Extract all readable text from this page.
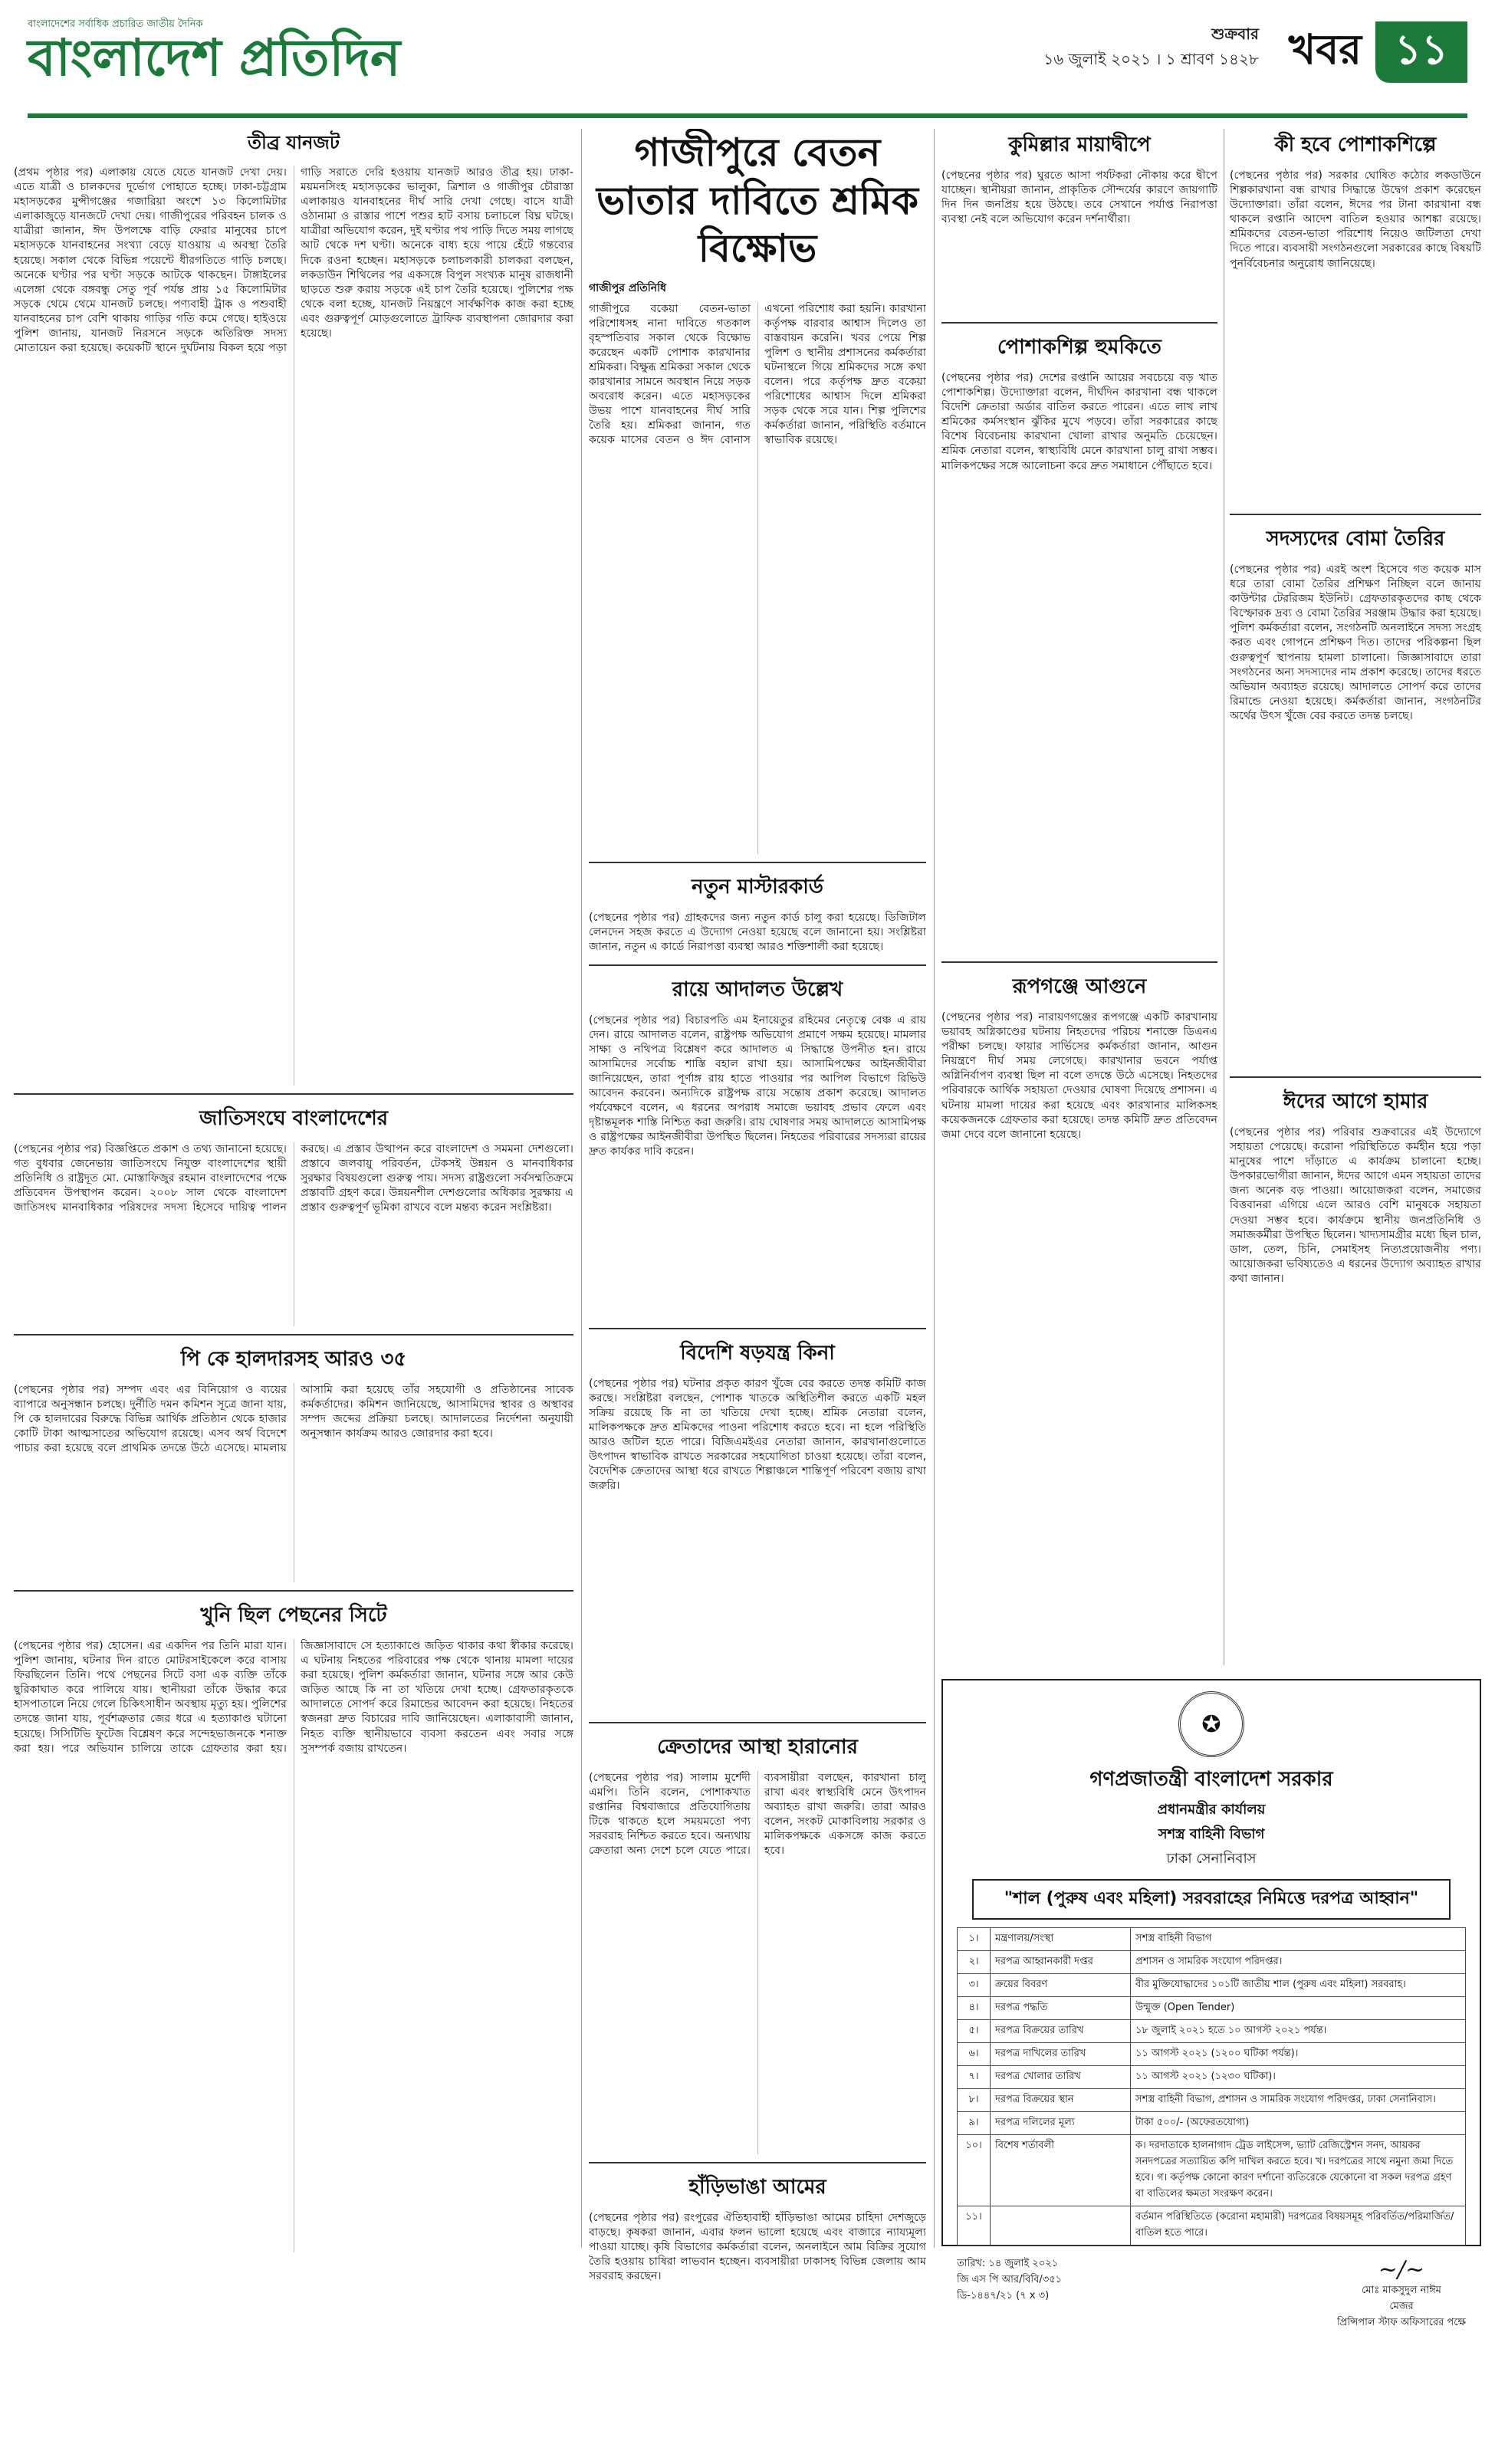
বাংলাদেশের সর্বাধিক প্রচারিত জাতীয় দৈনিক
বাংলাদেশ প্রতিদিন	শুক্রবার
১৬ জুলাই ২০২১ । ১ শ্রাবণ ১৪২৮ খবর ১১
তীব্র যানজট
(প্রথম পৃষ্ঠার পর) এলাকায় যেতে যেতে যানজট দেখা দেয়। এতে যাত্রী ও চালকদের দুর্ভোগ পোহাতে হচ্ছে। ঢাকা-চট্টগ্রাম মহাসড়কের মুন্সীগঞ্জের গজারিয়া অংশে ১৩ কিলোমিটার এলাকাজুড়ে যানজটে দেখা দেয়। গাজীপুরের পরিবহন চালক ও যাত্রীরা জানান, ঈদ উপলক্ষে বাড়ি ফেরার মানুষের চাপে মহাসড়কে যানবাহনের সংখ্যা বেড়ে যাওয়ায় এ অবস্থা তৈরি হয়েছে। সকাল থেকে বিভিন্ন পয়েন্টে ধীরগতিতে গাড়ি চলছে। অনেকে ঘণ্টার পর ঘণ্টা সড়কে আটকে থাকছেন। টাঙ্গাইলের এলেঙ্গা থেকে বঙ্গবন্ধু সেতু পূর্ব পর্যন্ত প্রায় ১৫ কিলোমিটার সড়কে থেমে থেমে যানজট চলছে। পণ্যবাহী ট্রাক ও পশুবাহী যানবাহনের চাপ বেশি থাকায় গাড়ির গতি কমে গেছে। হাইওয়ে পুলিশ জানায়, যানজট নিরসনে সড়কে অতিরিক্ত সদস্য মোতায়েন করা হয়েছে। কয়েকটি স্থানে দুর্ঘটনায় বিকল হয়ে পড়া গাড়ি সরাতে দেরি হওয়ায় যানজট আরও তীব্র হয়। ঢাকা-ময়মনসিংহ মহাসড়কের ভালুকা, ত্রিশাল ও গাজীপুর চৌরাস্তা এলাকায়ও যানবাহনের দীর্ঘ সারি দেখা গেছে। বাসে যাত্রী ওঠানামা ও রাস্তার পাশে পশুর হাট বসায় চলাচলে বিঘ্ন ঘটছে। যাত্রীরা অভিযোগ করেন, দুই ঘণ্টার পথ পাড়ি দিতে সময় লাগছে আট থেকে দশ ঘণ্টা। অনেকে বাধ্য হয়ে পায়ে হেঁটে গন্তব্যের দিকে রওনা হচ্ছেন। মহাসড়কে চলাচলকারী চালকরা বলছেন, লকডাউন শিথিলের পর একসঙ্গে বিপুল সংখ্যক মানুষ রাজধানী ছাড়তে শুরু করায় সড়কে এই চাপ তৈরি হয়েছে। পুলিশের পক্ষ থেকে বলা হচ্ছে, যানজট নিয়ন্ত্রণে সার্বক্ষণিক কাজ করা হচ্ছে এবং গুরুত্বপূর্ণ মোড়গুলোতে ট্রাফিক ব্যবস্থাপনা জোরদার করা হয়েছে।
জাতিসংঘে বাংলাদেশের
(পেছনের পৃষ্ঠার পর) বিজ্ঞপ্তিতে প্রকাশ ও তথ্য জানানো হয়েছে। গত বুধবার জেনেভায় জাতিসংঘে নিযুক্ত বাংলাদেশের স্থায়ী প্রতিনিধি ও রাষ্ট্রদূত মো. মোস্তাফিজুর রহমান বাংলাদেশের পক্ষে প্রতিবেদন উপস্থাপন করেন। ২০০৮ সাল থেকে বাংলাদেশ জাতিসংঘ মানবাধিকার পরিষদের সদস্য হিসেবে দায়িত্ব পালন করছে। এ প্রস্তাব উত্থাপন করে বাংলাদেশ ও সমমনা দেশগুলো। প্রস্তাবে জলবায়ু পরিবর্তন, টেকসই উন্নয়ন ও মানবাধিকার সুরক্ষার বিষয়গুলো গুরুত্ব পায়। সদস্য রাষ্ট্রগুলো সর্বসম্মতিক্রমে প্রস্তাবটি গ্রহণ করে। উন্নয়নশীল দেশগুলোর অধিকার সুরক্ষায় এ প্রস্তাব গুরুত্বপূর্ণ ভূমিকা রাখবে বলে মন্তব্য করেন সংশ্লিষ্টরা।
পি কে হালদারসহ আরও ৩৫
(পেছনের পৃষ্ঠার পর) সম্পদ এবং এর বিনিয়োগ ও ব্যয়ের ব্যাপারে অনুসন্ধান চলছে। দুর্নীতি দমন কমিশন সূত্রে জানা যায়, পি কে হালদারের বিরুদ্ধে বিভিন্ন আর্থিক প্রতিষ্ঠান থেকে হাজার কোটি টাকা আত্মসাতের অভিযোগ রয়েছে। এসব অর্থ বিদেশে পাচার করা হয়েছে বলে প্রাথমিক তদন্তে উঠে এসেছে। মামলায় আসামি করা হয়েছে তাঁর সহযোগী ও প্রতিষ্ঠানের সাবেক কর্মকর্তাদের। কমিশন জানিয়েছে, আসামিদের স্থাবর ও অস্থাবর সম্পদ জব্দের প্রক্রিয়া চলছে। আদালতের নির্দেশনা অনুযায়ী অনুসন্ধান কার্যক্রম আরও জোরদার করা হবে।
খুনি ছিল পেছনের সিটে
(পেছনের পৃষ্ঠার পর) হোসেন। এর একদিন পর তিনি মারা যান। পুলিশ জানায়, ঘটনার দিন রাতে মোটরসাইকেলে করে বাসায় ফিরছিলেন তিনি। পথে পেছনের সিটে বসা এক ব্যক্তি তাঁকে ছুরিকাঘাত করে পালিয়ে যায়। স্থানীয়রা তাঁকে উদ্ধার করে হাসপাতালে নিয়ে গেলে চিকিৎসাধীন অবস্থায় মৃত্যু হয়। পুলিশের তদন্তে জানা যায়, পূর্বশত্রুতার জের ধরে এ হত্যাকাণ্ড ঘটানো হয়েছে। সিসিটিভি ফুটেজ বিশ্লেষণ করে সন্দেহভাজনকে শনাক্ত করা হয়। পরে অভিযান চালিয়ে তাকে গ্রেফতার করা হয়। জিজ্ঞাসাবাদে সে হত্যাকাণ্ডে জড়িত থাকার কথা স্বীকার করেছে। এ ঘটনায় নিহতের পরিবারের পক্ষ থেকে থানায় মামলা দায়ের করা হয়েছে। পুলিশ কর্মকর্তারা জানান, ঘটনার সঙ্গে আর কেউ জড়িত আছে কি না তা খতিয়ে দেখা হচ্ছে। গ্রেফতারকৃতকে আদালতে সোপর্দ করে রিমান্ডের আবেদন করা হয়েছে। নিহতের স্বজনরা দ্রুত বিচারের দাবি জানিয়েছেন। এলাকাবাসী জানান, নিহত ব্যক্তি স্থানীয়ভাবে ব্যবসা করতেন এবং সবার সঙ্গে সুসম্পর্ক বজায় রাখতেন।
গাজীপুরে বেতন ভাতার দাবিতে শ্রমিক বিক্ষোভ
গাজীপুর প্রতিনিধি
গাজীপুরে বকেয়া বেতন-ভাতা পরিশোধসহ নানা দাবিতে গতকাল বৃহস্পতিবার সকাল থেকে বিক্ষোভ করেছেন একটি পোশাক কারখানার শ্রমিকরা। বিক্ষুব্ধ শ্রমিকরা সকাল থেকে কারখানার সামনে অবস্থান নিয়ে সড়ক অবরোধ করেন। এতে মহাসড়কের উভয় পাশে যানবাহনের দীর্ঘ সারি তৈরি হয়। শ্রমিকরা জানান, গত কয়েক মাসের বেতন ও ঈদ বোনাস এখনো পরিশোধ করা হয়নি। কারখানা কর্তৃপক্ষ বারবার আশ্বাস দিলেও তা বাস্তবায়ন করেনি। খবর পেয়ে শিল্প পুলিশ ও স্থানীয় প্রশাসনের কর্মকর্তারা ঘটনাস্থলে গিয়ে শ্রমিকদের সঙ্গে কথা বলেন। পরে কর্তৃপক্ষ দ্রুত বকেয়া পরিশোধের আশ্বাস দিলে শ্রমিকরা সড়ক থেকে সরে যান। শিল্প পুলিশের কর্মকর্তারা জানান, পরিস্থিতি বর্তমানে স্বাভাবিক রয়েছে।
নতুন মাস্টারকার্ড
(পেছনের পৃষ্ঠার পর) গ্রাহকদের জন্য নতুন কার্ড চালু করা হয়েছে। ডিজিটাল লেনদেন সহজ করতে এ উদ্যোগ নেওয়া হয়েছে বলে জানানো হয়। সংশ্লিষ্টরা জানান, নতুন এ কার্ডে নিরাপত্তা ব্যবস্থা আরও শক্তিশালী করা হয়েছে।
রায়ে আদালত উল্লেখ
(পেছনের পৃষ্ঠার পর) বিচারপতি এম ইনায়েতুর রহিমের নেতৃত্বে বেঞ্চ এ রায় দেন। রায়ে আদালত বলেন, রাষ্ট্রপক্ষ অভিযোগ প্রমাণে সক্ষম হয়েছে। মামলার সাক্ষ্য ও নথিপত্র বিশ্লেষণ করে আদালত এ সিদ্ধান্তে উপনীত হন। রায়ে আসামিদের সর্বোচ্চ শাস্তি বহাল রাখা হয়। আসামিপক্ষের আইনজীবীরা জানিয়েছেন, তারা পূর্ণাঙ্গ রায় হাতে পাওয়ার পর আপিল বিভাগে রিভিউ আবেদন করবেন। অন্যদিকে রাষ্ট্রপক্ষ রায়ে সন্তোষ প্রকাশ করেছে। আদালত পর্যবেক্ষণে বলেন, এ ধরনের অপরাধ সমাজে ভয়াবহ প্রভাব ফেলে এবং দৃষ্টান্তমূলক শাস্তি নিশ্চিত করা জরুরি। রায় ঘোষণার সময় আদালতে আসামিপক্ষ ও রাষ্ট্রপক্ষের আইনজীবীরা উপস্থিত ছিলেন। নিহতের পরিবারের সদস্যরা রায়ের দ্রুত কার্যকর দাবি করেন।
বিদেশি ষড়যন্ত্র কিনা
(পেছনের পৃষ্ঠার পর) ঘটনার প্রকৃত কারণ খুঁজে বের করতে তদন্ত কমিটি কাজ করছে। সংশ্লিষ্টরা বলছেন, পোশাক খাতকে অস্থিতিশীল করতে একটি মহল সক্রিয় রয়েছে কি না তা খতিয়ে দেখা হচ্ছে। শ্রমিক নেতারা বলেন, মালিকপক্ষকে দ্রুত শ্রমিকদের পাওনা পরিশোধ করতে হবে। না হলে পরিস্থিতি আরও জটিল হতে পারে। বিজিএমইএর নেতারা জানান, কারখানাগুলোতে উৎপাদন স্বাভাবিক রাখতে সরকারের সহযোগিতা চাওয়া হয়েছে। তাঁরা বলেন, বৈদেশিক ক্রেতাদের আস্থা ধরে রাখতে শিল্পাঞ্চলে শান্তিপূর্ণ পরিবেশ বজায় রাখা জরুরি।
ক্রেতাদের আস্থা হারানোর
(পেছনের পৃষ্ঠার পর) সালাম মুর্শেদী এমপি। তিনি বলেন, পোশাকখাত রপ্তানির বিশ্ববাজারে প্রতিযোগিতায় টিকে থাকতে হলে সময়মতো পণ্য সরবরাহ নিশ্চিত করতে হবে। অন্যথায় ক্রেতারা অন্য দেশে চলে যেতে পারে। ব্যবসায়ীরা বলছেন, কারখানা চালু রাখা এবং স্বাস্থ্যবিধি মেনে উৎপাদন অব্যাহত রাখা জরুরি। তারা আরও বলেন, সংকট মোকাবিলায় সরকার ও মালিকপক্ষকে একসঙ্গে কাজ করতে হবে।
হাঁড়িভাঙা আমের
(পেছনের পৃষ্ঠার পর) রংপুরের ঐতিহ্যবাহী হাঁড়িভাঙা আমের চাহিদা দেশজুড়ে বাড়ছে। কৃষকরা জানান, এবার ফলন ভালো হয়েছে এবং বাজারে ন্যায্যমূল্য পাওয়া যাচ্ছে। কৃষি বিভাগের কর্মকর্তারা বলেন, অনলাইনে আম বিক্রির সুযোগ তৈরি হওয়ায় চাষিরা লাভবান হচ্ছেন। ব্যবসায়ীরা ঢাকাসহ বিভিন্ন জেলায় আম সরবরাহ করছেন।
কুমিল্লার মায়াদ্বীপে
(পেছনের পৃষ্ঠার পর) ঘুরতে আসা পর্যটকরা নৌকায় করে দ্বীপে যাচ্ছেন। স্থানীয়রা জানান, প্রাকৃতিক সৌন্দর্যের কারণে জায়গাটি দিন দিন জনপ্রিয় হয়ে উঠছে। তবে সেখানে পর্যাপ্ত নিরাপত্তা ব্যবস্থা নেই বলে অভিযোগ করেন দর্শনার্থীরা।
পোশাকশিল্প হুমকিতে
(পেছনের পৃষ্ঠার পর) দেশের রপ্তানি আয়ের সবচেয়ে বড় খাত পোশাকশিল্প। উদ্যোক্তারা বলেন, দীর্ঘদিন কারখানা বন্ধ থাকলে বিদেশি ক্রেতারা অর্ডার বাতিল করতে পারেন। এতে লাখ লাখ শ্রমিকের কর্মসংস্থান ঝুঁকির মুখে পড়বে। তাঁরা সরকারের কাছে বিশেষ বিবেচনায় কারখানা খোলা রাখার অনুমতি চেয়েছেন। শ্রমিক নেতারা বলেন, স্বাস্থ্যবিধি মেনে কারখানা চালু রাখা সম্ভব। মালিকপক্ষের সঙ্গে আলোচনা করে দ্রুত সমাধানে পৌঁছাতে হবে।
রূপগঞ্জে আগুনে
(পেছনের পৃষ্ঠার পর) নারায়ণগঞ্জের রূপগঞ্জে একটি কারখানায় ভয়াবহ অগ্নিকাণ্ডের ঘটনায় নিহতদের পরিচয় শনাক্তে ডিএনএ পরীক্ষা চলছে। ফায়ার সার্ভিসের কর্মকর্তারা জানান, আগুন নিয়ন্ত্রণে দীর্ঘ সময় লেগেছে। কারখানার ভবনে পর্যাপ্ত অগ্নিনির্বাপণ ব্যবস্থা ছিল না বলে তদন্তে উঠে এসেছে। নিহতদের পরিবারকে আর্থিক সহায়তা দেওয়ার ঘোষণা দিয়েছে প্রশাসন। এ ঘটনায় মামলা দায়ের করা হয়েছে এবং কারখানার মালিকসহ কয়েকজনকে গ্রেফতার করা হয়েছে। তদন্ত কমিটি দ্রুত প্রতিবেদন জমা দেবে বলে জানানো হয়েছে।
কী হবে পোশাকশিল্পে
(পেছনের পৃষ্ঠার পর) সরকার ঘোষিত কঠোর লকডাউনে শিল্পকারখানা বন্ধ রাখার সিদ্ধান্তে উদ্বেগ প্রকাশ করেছেন উদ্যোক্তারা। তাঁরা বলেন, ঈদের পর টানা কারখানা বন্ধ থাকলে রপ্তানি আদেশ বাতিল হওয়ার আশঙ্কা রয়েছে। শ্রমিকদের বেতন-ভাতা পরিশোধ নিয়েও জটিলতা দেখা দিতে পারে। ব্যবসায়ী সংগঠনগুলো সরকারের কাছে বিষয়টি পুনর্বিবেচনার অনুরোধ জানিয়েছে।
সদস্যদের বোমা তৈরির
(পেছনের পৃষ্ঠার পর) এরই অংশ হিসেবে গত কয়েক মাস ধরে তারা বোমা তৈরির প্রশিক্ষণ নিচ্ছিল বলে জানায় কাউন্টার টেররিজম ইউনিট। গ্রেফতারকৃতদের কাছ থেকে বিস্ফোরক দ্রব্য ও বোমা তৈরির সরঞ্জাম উদ্ধার করা হয়েছে। পুলিশ কর্মকর্তারা বলেন, সংগঠনটি অনলাইনে সদস্য সংগ্রহ করত এবং গোপনে প্রশিক্ষণ দিত। তাদের পরিকল্পনা ছিল গুরুত্বপূর্ণ স্থাপনায় হামলা চালানো। জিজ্ঞাসাবাদে তারা সংগঠনের অন্য সদস্যদের নাম প্রকাশ করেছে। তাদের ধরতে অভিযান অব্যাহত রয়েছে। আদালতে সোপর্দ করে তাদের রিমান্ডে নেওয়া হয়েছে। কর্মকর্তারা জানান, সংগঠনটির অর্থের উৎস খুঁজে বের করতে তদন্ত চলছে।
ঈদের আগে হামার
(পেছনের পৃষ্ঠার পর) পরিবার শুক্রবারের এই উদ্যোগে সহায়তা পেয়েছে। করোনা পরিস্থিতিতে কর্মহীন হয়ে পড়া মানুষের পাশে দাঁড়াতে এ কার্যক্রম চালানো হচ্ছে। উপকারভোগীরা জানান, ঈদের আগে এমন সহায়তা তাদের জন্য অনেক বড় পাওয়া। আয়োজকরা বলেন, সমাজের বিত্তবানরা এগিয়ে এলে আরও বেশি মানুষকে সহায়তা দেওয়া সম্ভব হবে। কার্যক্রমে স্থানীয় জনপ্রতিনিধি ও সমাজকর্মীরা উপস্থিত ছিলেন। খাদ্যসামগ্রীর মধ্যে ছিল চাল, ডাল, তেল, চিনি, সেমাইসহ নিত্যপ্রয়োজনীয় পণ্য। আয়োজকরা ভবিষ্যতেও এ ধরনের উদ্যোগ অব্যাহত রাখার কথা জানান।
✪
গণপ্রজাতন্ত্রী বাংলাদেশ সরকার
প্রধানমন্ত্রীর কার্যালয়
সশস্ত্র বাহিনী বিভাগ
ঢাকা সেনানিবাস
"শাল (পুরুষ এবং মহিলা) সরবরাহের নিমিত্তে দরপত্র আহ্বান"
১।	মন্ত্রণালয়/সংস্থা	সশস্ত্র বাহিনী বিভাগ
২।	দরপত্র আহ্বানকারী দপ্তর	প্রশাসন ও সামরিক সংযোগ পরিদপ্তর।
৩।	ক্রয়ের বিবরণ	বীর মুক্তিযোদ্ধাদের ১০১টি জাতীয় শাল (পুরুষ এবং মহিলা) সরবরাহ।
৪।	দরপত্র পদ্ধতি	উন্মুক্ত (Open Tender)
৫।	দরপত্র বিক্রয়ের তারিখ	১৮ জুলাই ২০২১ হতে ১০ আগস্ট ২০২১ পর্যন্ত।
৬।	দরপত্র দাখিলের তারিখ	১১ আগস্ট ২০২১ (১২০০ ঘটিকা পর্যন্ত)।
৭।	দরপত্র খোলার তারিখ	১১ আগস্ট ২০২১ (১২৩০ ঘটিকা)।
৮।	দরপত্র বিক্রয়ের স্থান	সশস্ত্র বাহিনী বিভাগ, প্রশাসন ও সামরিক সংযোগ পরিদপ্তর, ঢাকা সেনানিবাস।
৯।	দরপত্র দলিলের মূল্য	টাকা ৫০০/- (অফেরতযোগ্য)
১০।	বিশেষ শর্তাবলী	ক। দরদাতাকে হালনাগাদ ট্রেড লাইসেন্স, ভ্যাট রেজিস্ট্রেশন সনদ, আয়কর সনদপত্রের সত্যায়িত কপি দাখিল করতে হবে। খ। দরপত্রের সাথে নমুনা জমা দিতে হবে। গ। কর্তৃপক্ষ কোনো কারণ দর্শানো ব্যতিরেকে যেকোনো বা সকল দরপত্র গ্রহণ বা বাতিলের ক্ষমতা সংরক্ষণ করেন।
১১।		বর্তমান পরিস্থিতিতে (করোনা মহামারী) দরপত্রের বিষয়সমূহ পরিবর্তিত/পরিমার্জিত/বাতিল হতে পারে।
তারিখ: ১৪ জুলাই ২০২১
জি এস পি আর/বিবি/৩৫১
ডি-১৪৪৭/২১ (৭ x ৩)
~/~
মোঃ মাকসুদুল নাঈম
মেজর
প্রিন্সিপাল স্টাফ অফিসারের পক্ষে
